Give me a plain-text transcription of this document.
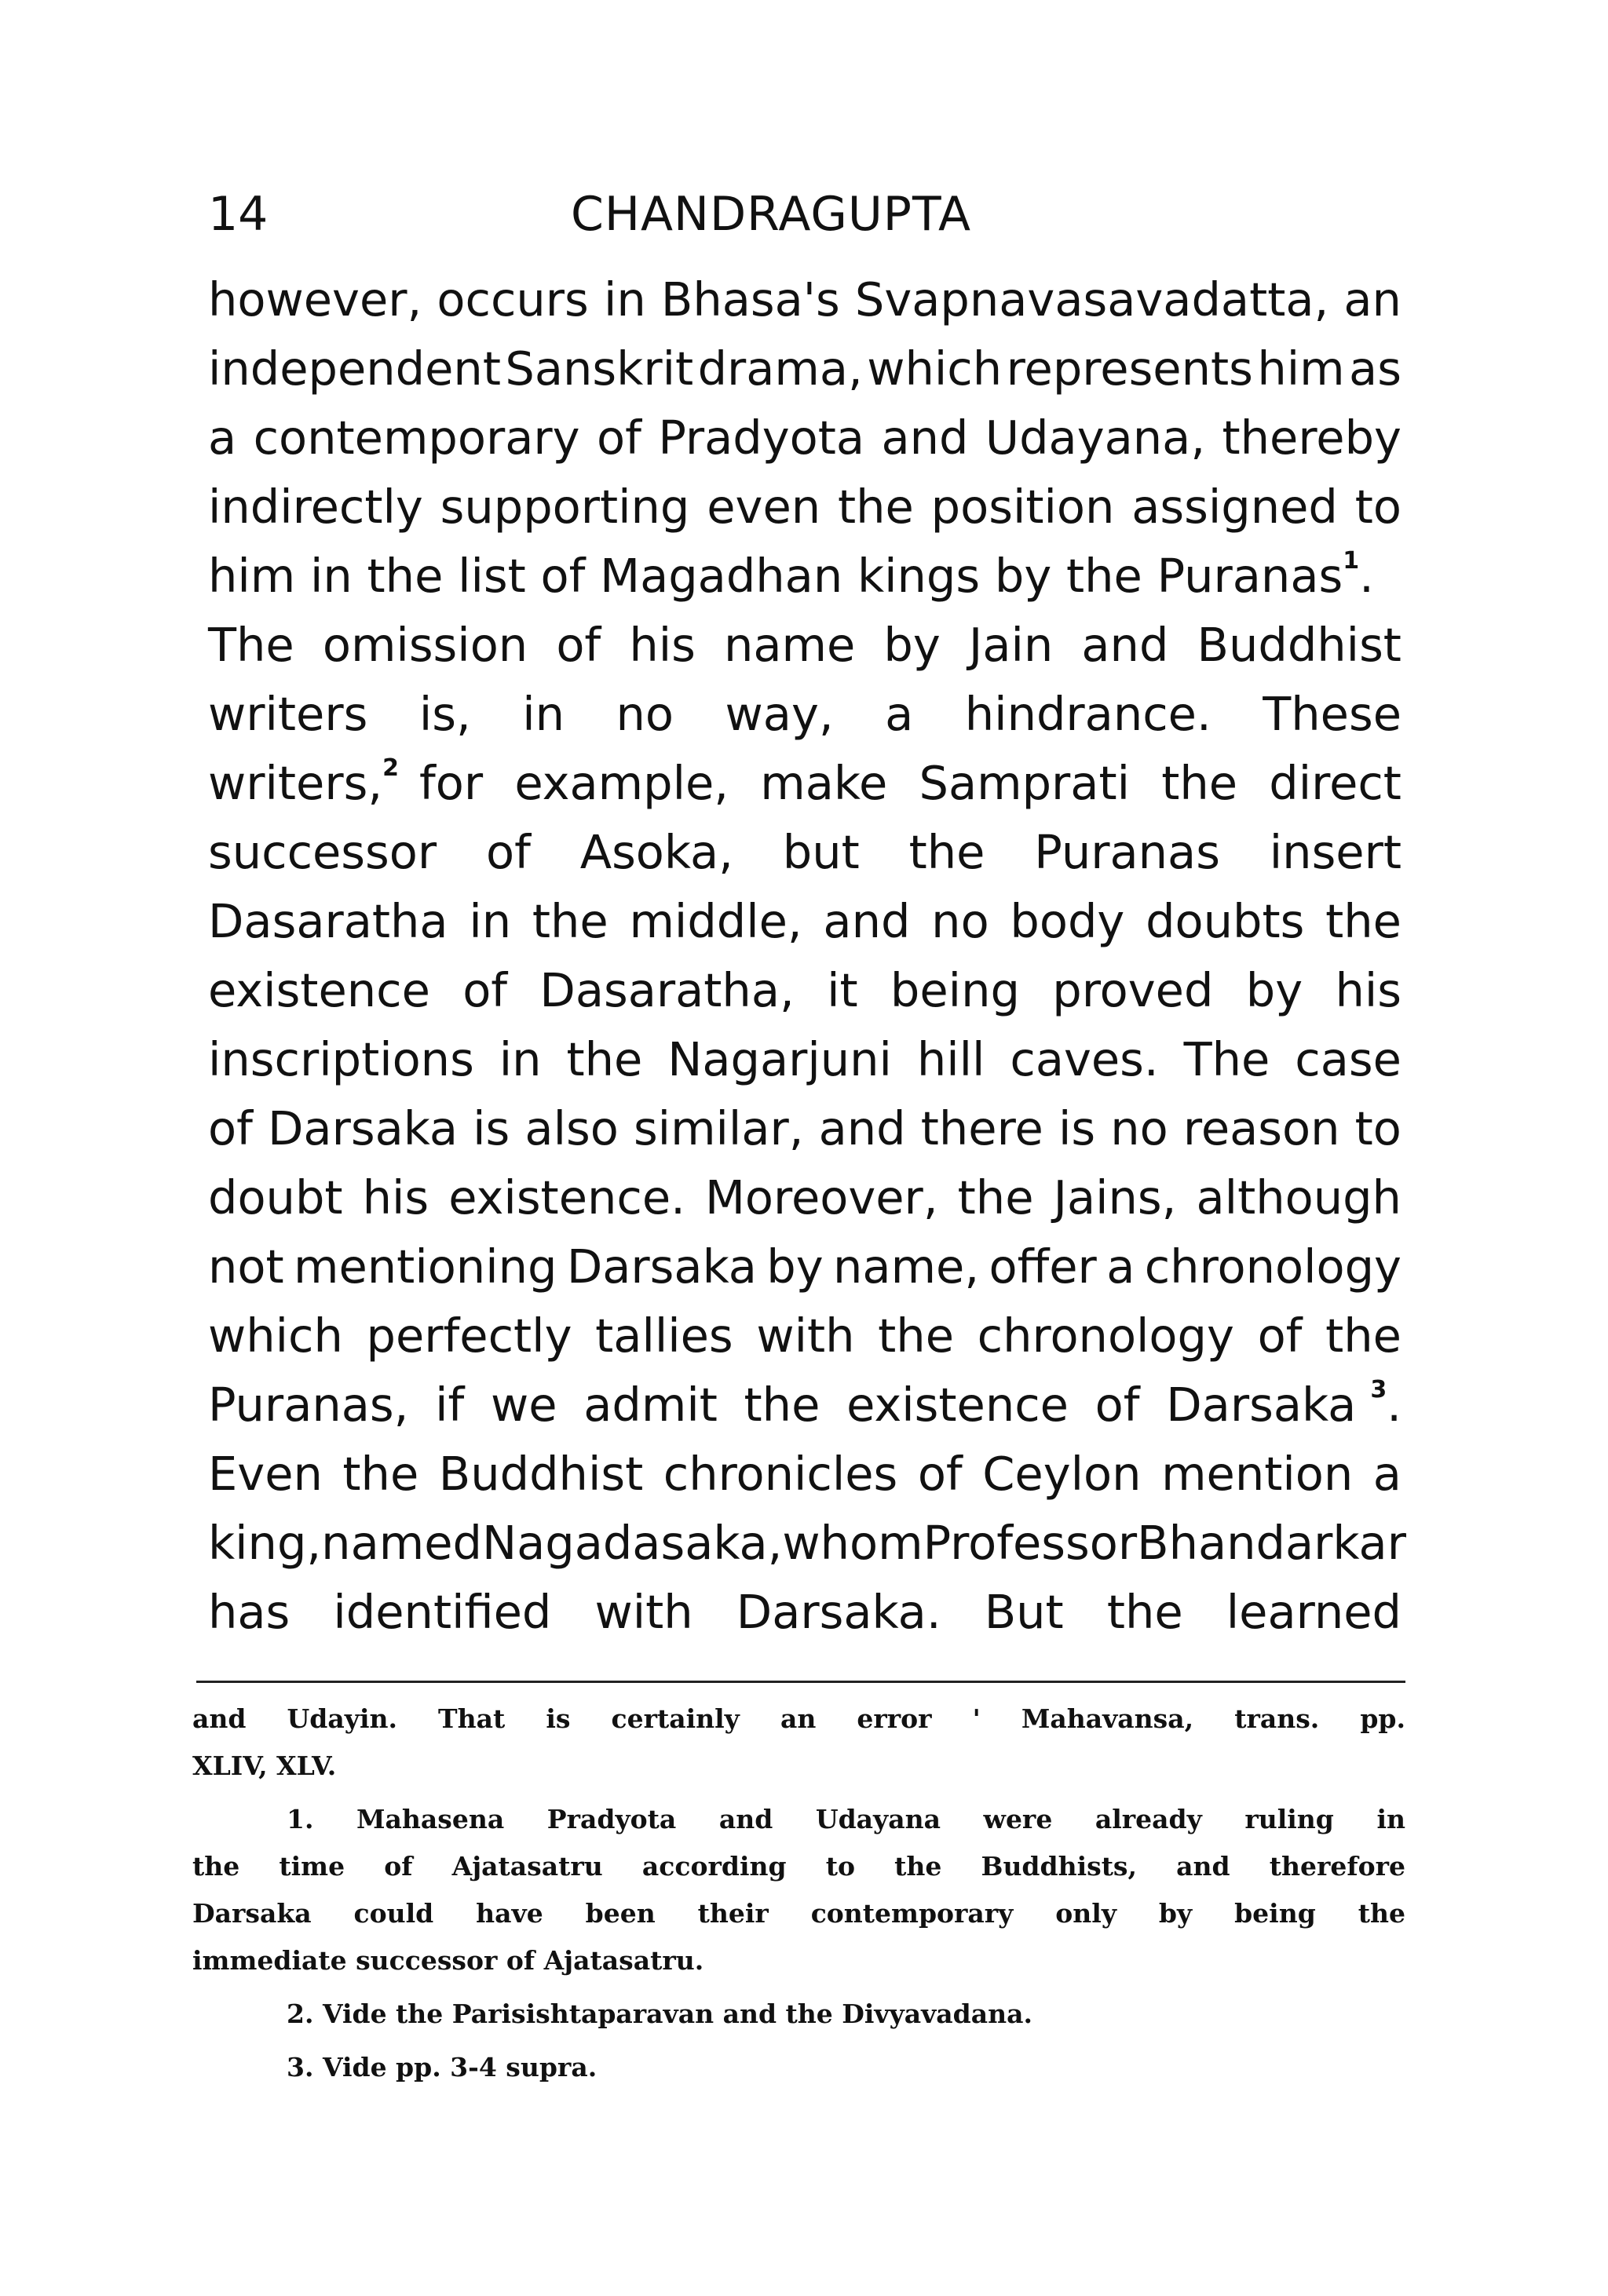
14	CHANDRAGUPTA
however, occurs in Bhasa's Svapnavasavadatta, an
independent Sanskrit drama, which represents him as
a contemporary of Pradyota and Udayana, thereby
indirectly supporting even the position assigned to
him in the list of Magadhan kings by the Puranas$^1$.
The omission of his name by Jain and Buddhist
writers is, in no way, a hindrance. These
writers,$^2$ for example, make Samprati the direct
successor of Asoka, but the Puranas insert
Dasaratha in the middle, and no body doubts the
existence of Dasaratha, it being proved by his
inscriptions in the Nagarjuni hill caves. The case
of Darsaka is also similar, and there is no reason to
doubt his existence. Moreover, the Jains, although
not mentioning Darsaka by name, offer a chronology
which perfectly tallies with the chronology of the
Puranas, if we admit the existence of Darsaka $^3$.
Even the Buddhist chronicles of Ceylon mention a
king, named Nagadasaka, whom Professor Bhandarkar
has identified with Darsaka. But the learned
and Udayin. That is certainly an error ' Mahavansa, trans. pp.
XLIV, XLV.
1. Mahasena Pradyota and Udayana were already ruling in
the time of Ajatasatru according to the Buddhists, and therefore
Darsaka could have been their contemporary only by being the
immediate successor of Ajatasatru.
2. Vide the Parisishtaparavan and the Divyavadana.
3. Vide pp. 3-4 supra.
